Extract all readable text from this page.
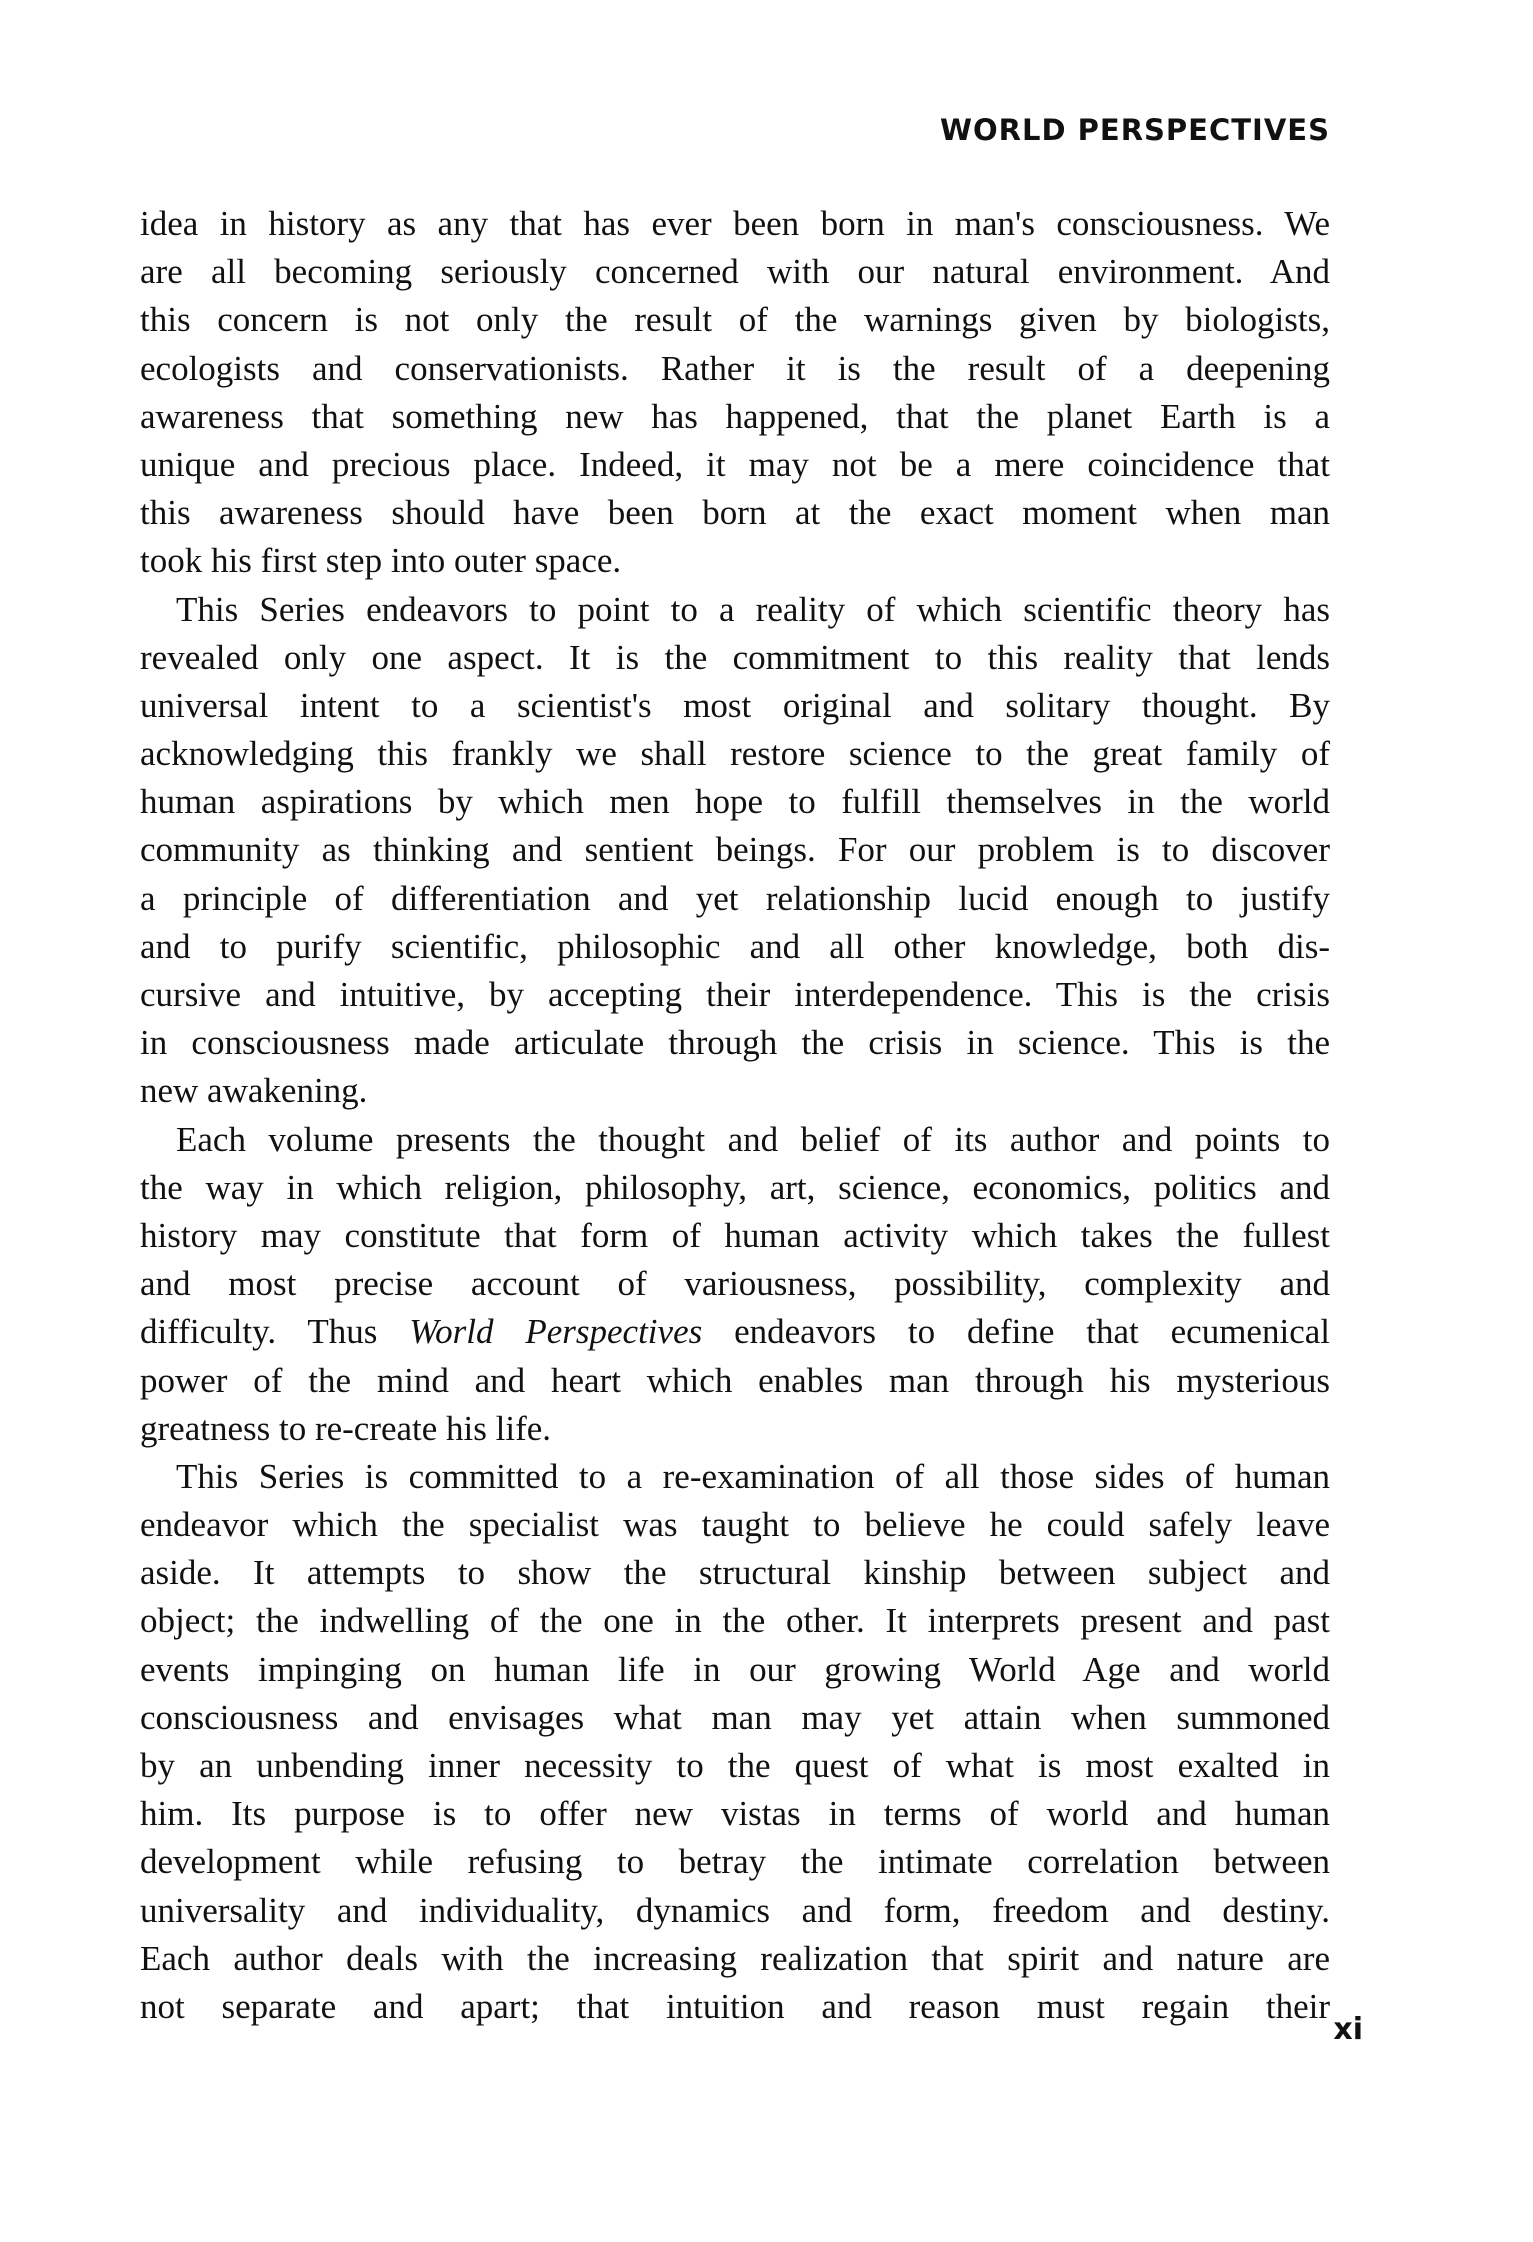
WORLD PERSPECTIVES
idea in history as any that has ever been born in man's consciousness. We
are all becoming seriously concerned with our natural environment. And
this concern is not only the result of the warnings given by biologists,
ecologists and conservationists. Rather it is the result of a deepening
awareness that something new has happened, that the planet Earth is a
unique and precious place. Indeed, it may not be a mere coincidence that
this awareness should have been born at the exact moment when man
took his first step into outer space.
This Series endeavors to point to a reality of which scientific theory has
revealed only one aspect. It is the commitment to this reality that lends
universal intent to a scientist's most original and solitary thought. By
acknowledging this frankly we shall restore science to the great family of
human aspirations by which men hope to fulfill themselves in the world
community as thinking and sentient beings. For our problem is to discover
a principle of differentiation and yet relationship lucid enough to justify
and to purify scientific, philosophic and all other knowledge, both dis-
cursive and intuitive, by accepting their interdependence. This is the crisis
in consciousness made articulate through the crisis in science. This is the
new awakening.
Each volume presents the thought and belief of its author and points to
the way in which religion, philosophy, art, science, economics, politics and
history may constitute that form of human activity which takes the fullest
and most precise account of variousness, possibility, complexity and
difficulty. Thus World Perspectives endeavors to define that ecumenical
power of the mind and heart which enables man through his mysterious
greatness to re-create his life.
This Series is committed to a re-examination of all those sides of human
endeavor which the specialist was taught to believe he could safely leave
aside. It attempts to show the structural kinship between subject and
object; the indwelling of the one in the other. It interprets present and past
events impinging on human life in our growing World Age and world
consciousness and envisages what man may yet attain when summoned
by an unbending inner necessity to the quest of what is most exalted in
him. Its purpose is to offer new vistas in terms of world and human
development while refusing to betray the intimate correlation between
universality and individuality, dynamics and form, freedom and destiny.
Each author deals with the increasing realization that spirit and nature are
not separate and apart; that intuition and reason must regain their
xi
